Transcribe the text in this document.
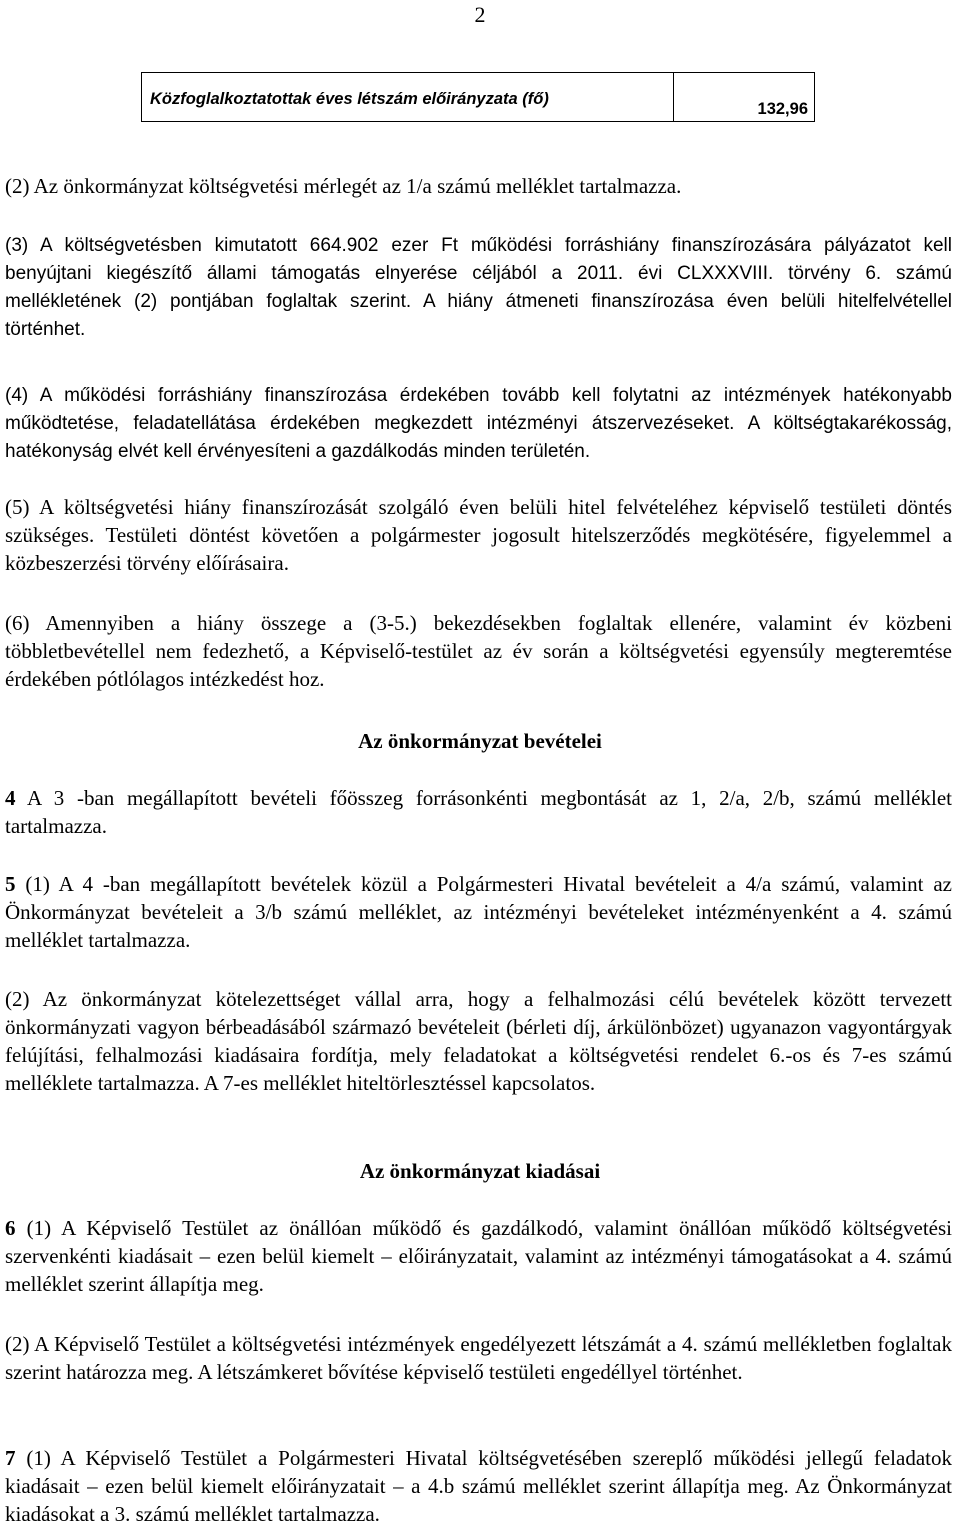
2
Közfoglalkoztatottak éves létszám előirányzata (fő)	132,96

(2) Az önkormányzat költségvetési mérlegét az 1/a számú melléklet tartalmazza.

(3) A költségvetésben kimutatott 664.902 ezer Ft működési forráshiány finanszírozására pályázatot kell benyújtani kiegészítő állami támogatás elnyerése céljából a 2011. évi CLXXXVIII. törvény 6. számú mellékletének (2) pontjában foglaltak szerint. A hiány átmeneti finanszírozása éven belüli hitelfelvétellel történhet.

(4) A működési forráshiány finanszírozása érdekében tovább kell folytatni az intézmények hatékonyabb működtetése, feladatellátása érdekében megkezdett intézményi átszervezéseket. A költségtakarékosság, hatékonyság elvét kell érvényesíteni a gazdálkodás minden területén.

(5) A költségvetési hiány finanszírozását szolgáló éven belüli hitel felvételéhez képviselő testületi döntés szükséges. Testületi döntést követően a polgármester jogosult hitelszerződés megkötésére, figyelemmel a közbeszerzési törvény előírásaira.

(6) Amennyiben a hiány összege a (3-5.) bekezdésekben foglaltak ellenére, valamint év közbeni többletbevétellel nem fedezhető, a Képviselő-testület az év során a költségvetési egyensúly megteremtése érdekében pótlólagos intézkedést hoz.

Az önkormányzat bevételei

4 A 3 -ban megállapított bevételi főösszeg forrásonkénti megbontását az 1, 2/a, 2/b, számú melléklet tartalmazza.

5 (1) A 4 -ban megállapított bevételek közül a Polgármesteri Hivatal bevételeit a 4/a számú, valamint az Önkormányzat bevételeit a 3/b számú melléklet, az intézményi bevételeket intézményenként a 4. számú melléklet tartalmazza.

(2) Az önkormányzat kötelezettséget vállal arra, hogy a felhalmozási célú bevételek között tervezett önkormányzati vagyon bérbeadásából származó bevételeit (bérleti díj, árkülönbözet) ugyanazon vagyontárgyak felújítási, felhalmozási kiadásaira fordítja, mely feladatokat a költségvetési rendelet 6.-os és 7-es számú melléklete tartalmazza. A 7-es melléklet hiteltörlesztéssel kapcsolatos.

Az önkormányzat kiadásai

6 (1) A Képviselő Testület az önállóan működő és gazdálkodó, valamint önállóan működő költségvetési szervenkénti kiadásait – ezen belül kiemelt – előirányzatait, valamint az intézményi támogatásokat a 4. számú melléklet szerint állapítja meg.

(2) A Képviselő Testület a költségvetési intézmények engedélyezett létszámát a 4. számú mellékletben foglaltak szerint határozza meg. A létszámkeret bővítése képviselő testületi engedéllyel történhet.

7 (1) A Képviselő Testület a Polgármesteri Hivatal költségvetésében szereplő működési jellegű feladatok kiadásait – ezen belül kiemelt előirányzatait – a 4.b számú melléklet szerint állapítja meg. Az Önkormányzat kiadásokat a 3. számú melléklet tartalmazza.
